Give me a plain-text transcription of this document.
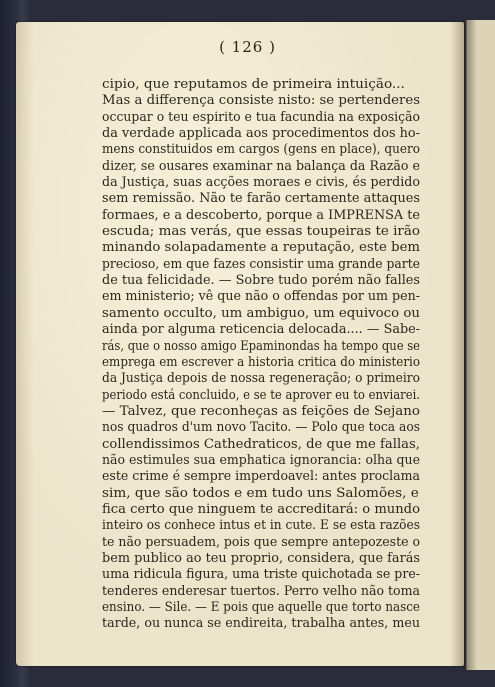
( 126 )
cipio, que reputamos de primeira intuição...
Mas a differença consiste nisto: se pertenderes
occupar o teu espirito e tua facundia na exposição
da verdade applicada aos procedimentos dos ho-
mens constituidos em cargos (gens en place), quero
dizer, se ousares examinar na balança da Razão e
da Justiça, suas acções moraes e civis, és perdido
sem remissão. Não te farão certamente attaques
formaes, e a descoberto, porque a IMPRENSA te
escuda; mas verás, que essas toupeiras te irão
minando solapadamente a reputação, este bem
precioso, em que fazes consistir uma grande parte
de tua felicidade. — Sobre tudo porém não falles
em ministerio; vê que não o offendas por um pen-
samento occulto, um ambiguo, um equivoco ou
ainda por alguma reticencia delocada.... — Sabe-
rás, que o nosso amigo Epaminondas ha tempo que se
emprega em escrever a historia critica do ministerio
da Justiça depois de nossa regeneração; o primeiro
periodo está concluido, e se te aprover eu to enviarei.
— Talvez, que reconheças as feições de Sejano
nos quadros d'um novo Tacito. — Polo que toca aos
collendissimos Cathedraticos, de que me fallas,
não estimules sua emphatica ignorancia: olha que
este crime é sempre imperdoavel: antes proclama
sim, que são todos e em tudo uns Salomões, e
fica certo que ninguem te accreditará: o mundo
inteiro os conhece intus et in cute. E se esta razões
te não persuadem, pois que sempre antepozeste o
bem publico ao teu proprio, considera, que farás
uma ridicula figura, uma triste quichotada se pre-
tenderes enderesar tuertos. Perro velho não toma
ensino. — Sile. — E pois que aquelle que torto nasce
tarde, ou nunca se endireita, trabalha antes, meu
